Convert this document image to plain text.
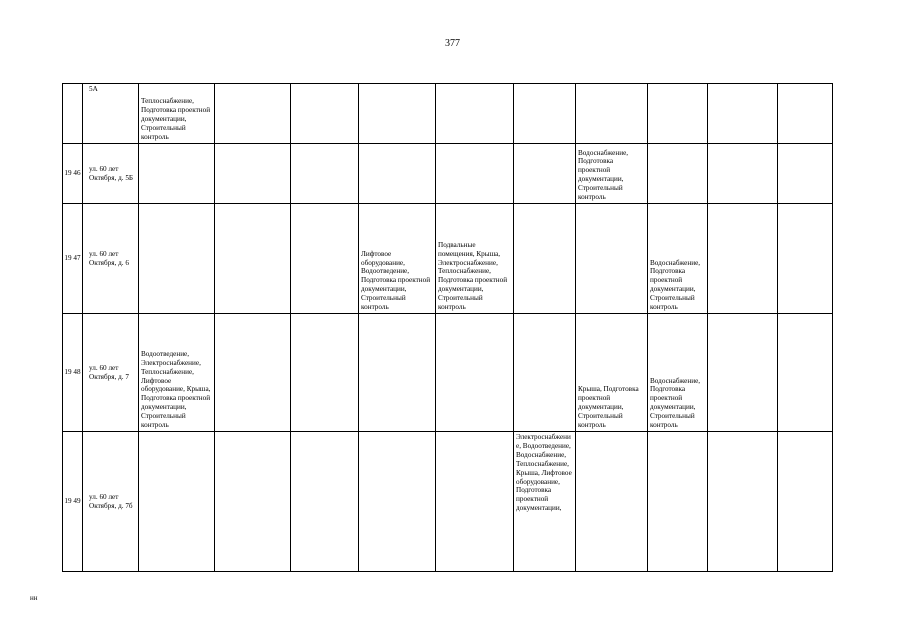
377
	5А	Теплоснабжение, Подготовка проектной документации, Строительный контроль									
19 46	ул. 60 лет Октября, д. 5Б							Водоснабжение, Подготовка проектной документации, Строительный контроль			
19 47	ул. 60 лет Октября, д. 6				Лифтовое оборудование, Водоотведение, Подготовка проектной документации, Строительный контроль	Подвальные помещения, Крыша, Электроснабжение, Теплоснабжение, Подготовка проектной документации, Строительный контроль			Водоснабжение, Подготовка проектной документации, Строительный контроль		
19 48	ул. 60 лет Октября, д. 7	Водоотведение, Электроснабжение, Теплоснабжение, Лифтовое оборудование, Крыша, Подготовка проектной документации, Строительный контроль						Крыша, Подготовка проектной документации, Строительный контроль	Водоснабжение, Подготовка проектной документации, Строительный контроль		
19 49	ул. 60 лет Октября, д. 7б						Электроснабжение, Водоотведение, Водоснабжение, Теплоснабжение, Крыша, Лифтовое оборудование, Подготовка проектной документации,				
нн
